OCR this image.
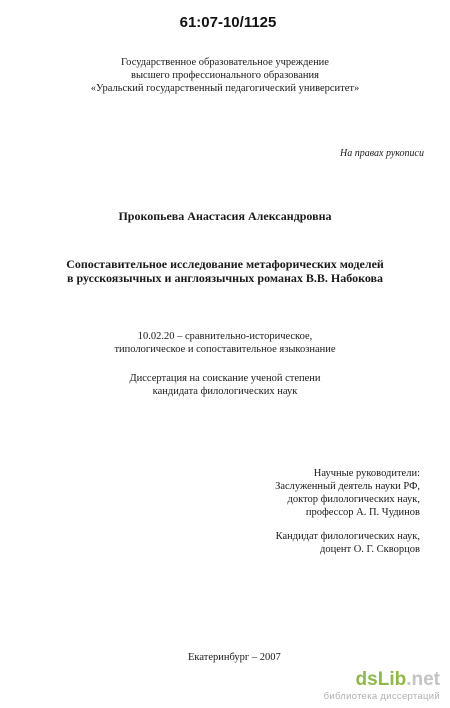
61:07-10/1125
Государственное образовательное учреждение
высшего профессионального образования
«Уральский государственный педагогический университет»
На правах рукописи
Прокопьева Анастасия Александровна
Сопоставительное исследование метафорических моделей
в русскоязычных и англоязычных романах В.В. Набокова
10.02.20 – сравнительно-историческое,
типологическое и сопоставительное языкознание
Диссертация на соискание ученой степени
кандидата филологических наук
Научные руководители:
Заслуженный деятель науки РФ,
доктор филологических наук,
профессор А. П. Чудинов
Кандидат филологических наук,
доцент О. Г. Скворцов
Екатеринбург – 2007
dsLib.net
библиотека диссертаций
